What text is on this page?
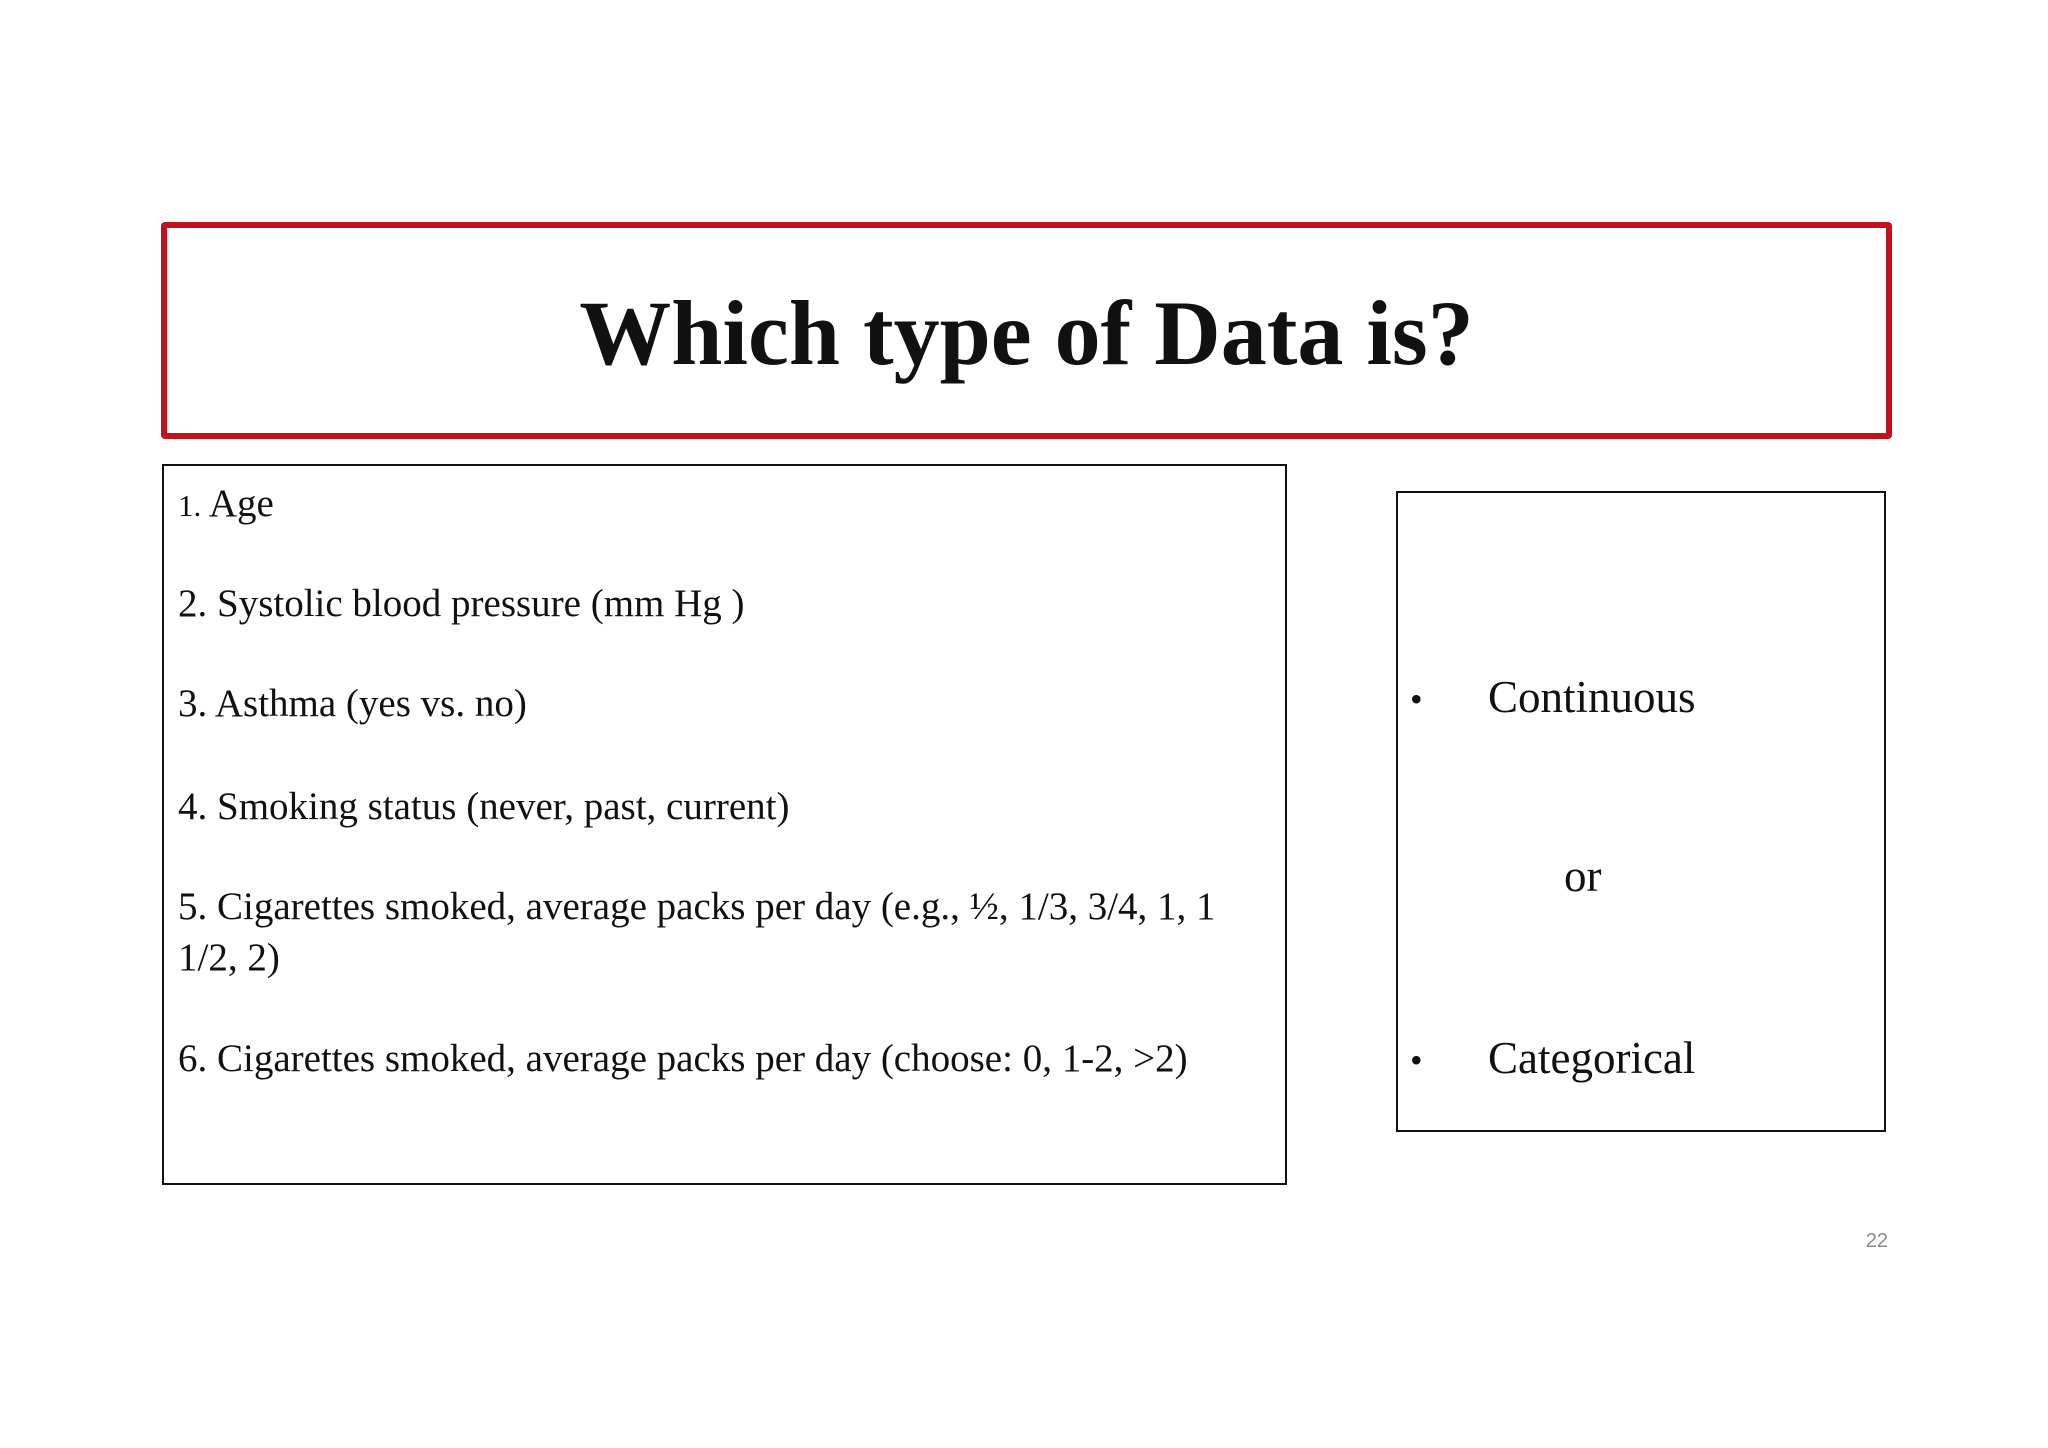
Which type of Data is?

1. Age

2. Systolic blood pressure (mm Hg )

3. Asthma (yes vs. no)

4. Smoking status (never, past, current)

5. Cigarettes smoked, average packs per day (e.g., ½, 1/3, 3/4, 1, 1 1/2, 2)

6. Cigarettes smoked, average packs per day (choose: 0, 1-2, >2)

• Continuous
or
• Categorical
22
